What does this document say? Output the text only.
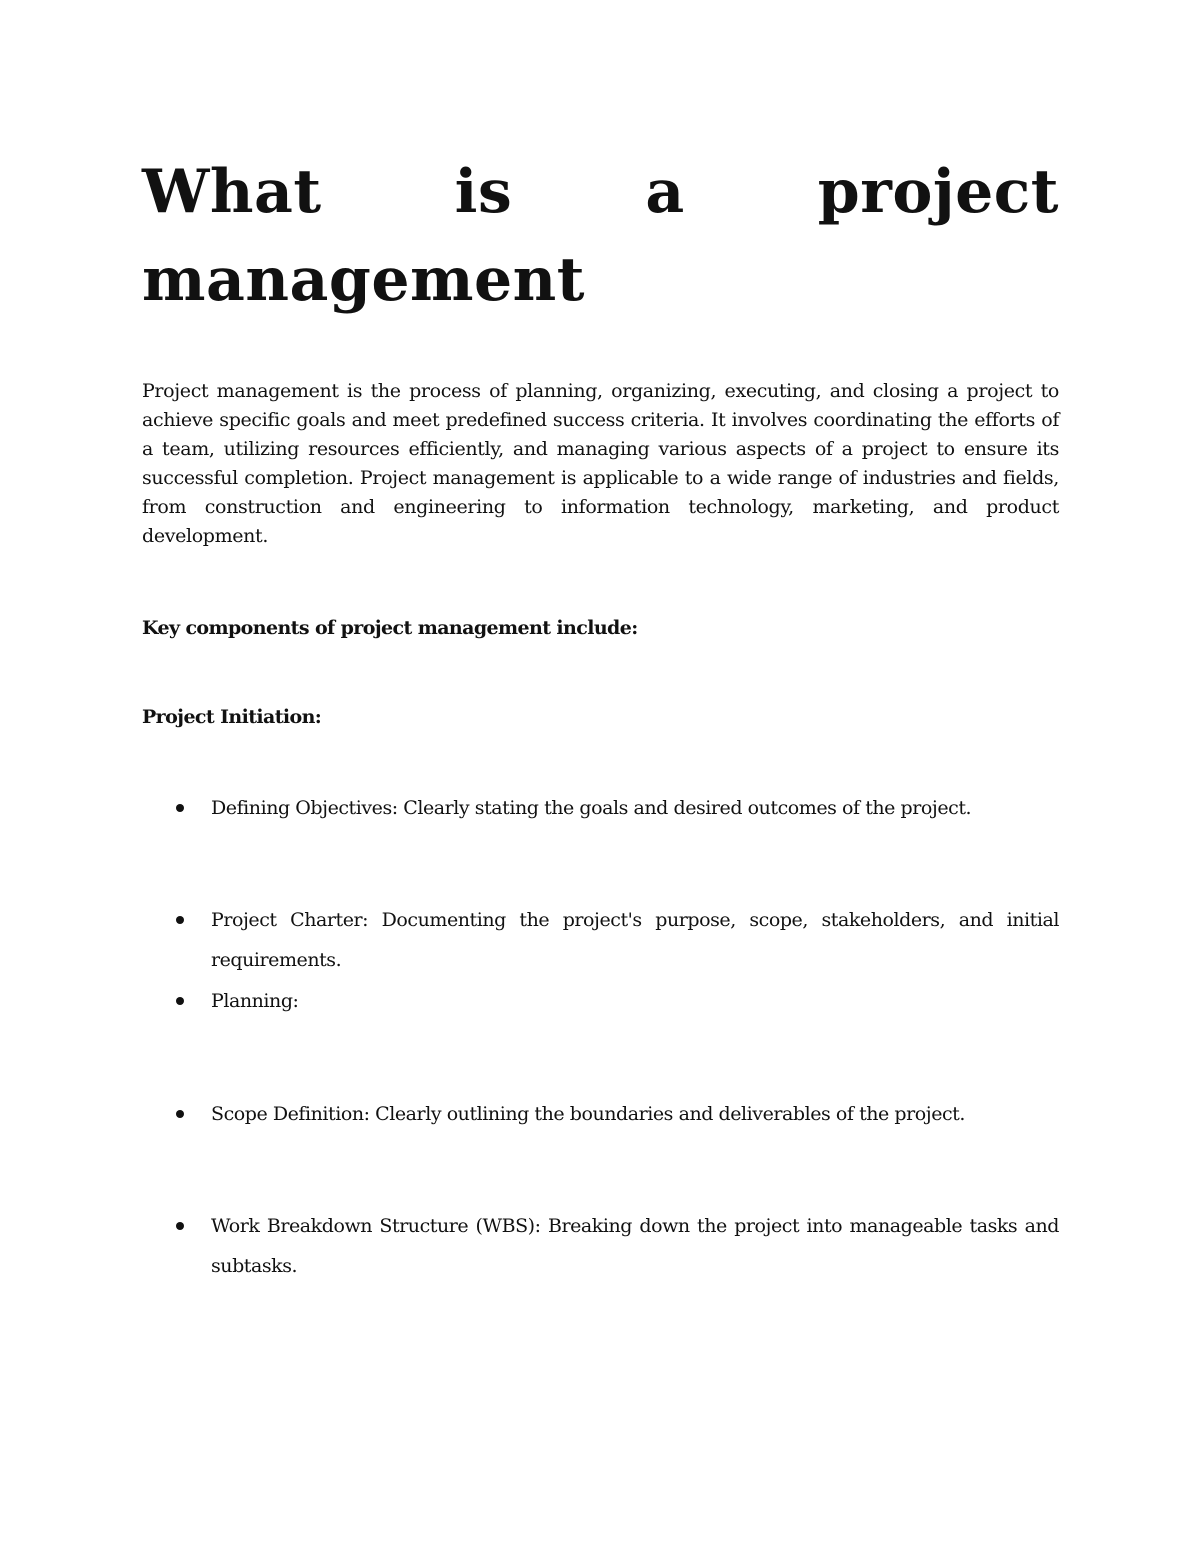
What is a project
management

Project management is the process of planning, organizing, executing, and closing a project to achieve specific goals and meet predefined success criteria. It involves coordinating the efforts of a team, utilizing resources efficiently, and managing various aspects of a project to ensure its successful completion. Project management is applicable to a wide range of industries and fields, from construction and engineering to information technology, marketing, and product development.

Key components of project management include:

Project Initiation:

Defining Objectives: Clearly stating the goals and desired outcomes of the project.
Project Charter: Documenting the project's purpose, scope, stakeholders, and initial requirements.
Planning:
Scope Definition: Clearly outlining the boundaries and deliverables of the project.
Work Breakdown Structure (WBS): Breaking down the project into manageable tasks and subtasks.
